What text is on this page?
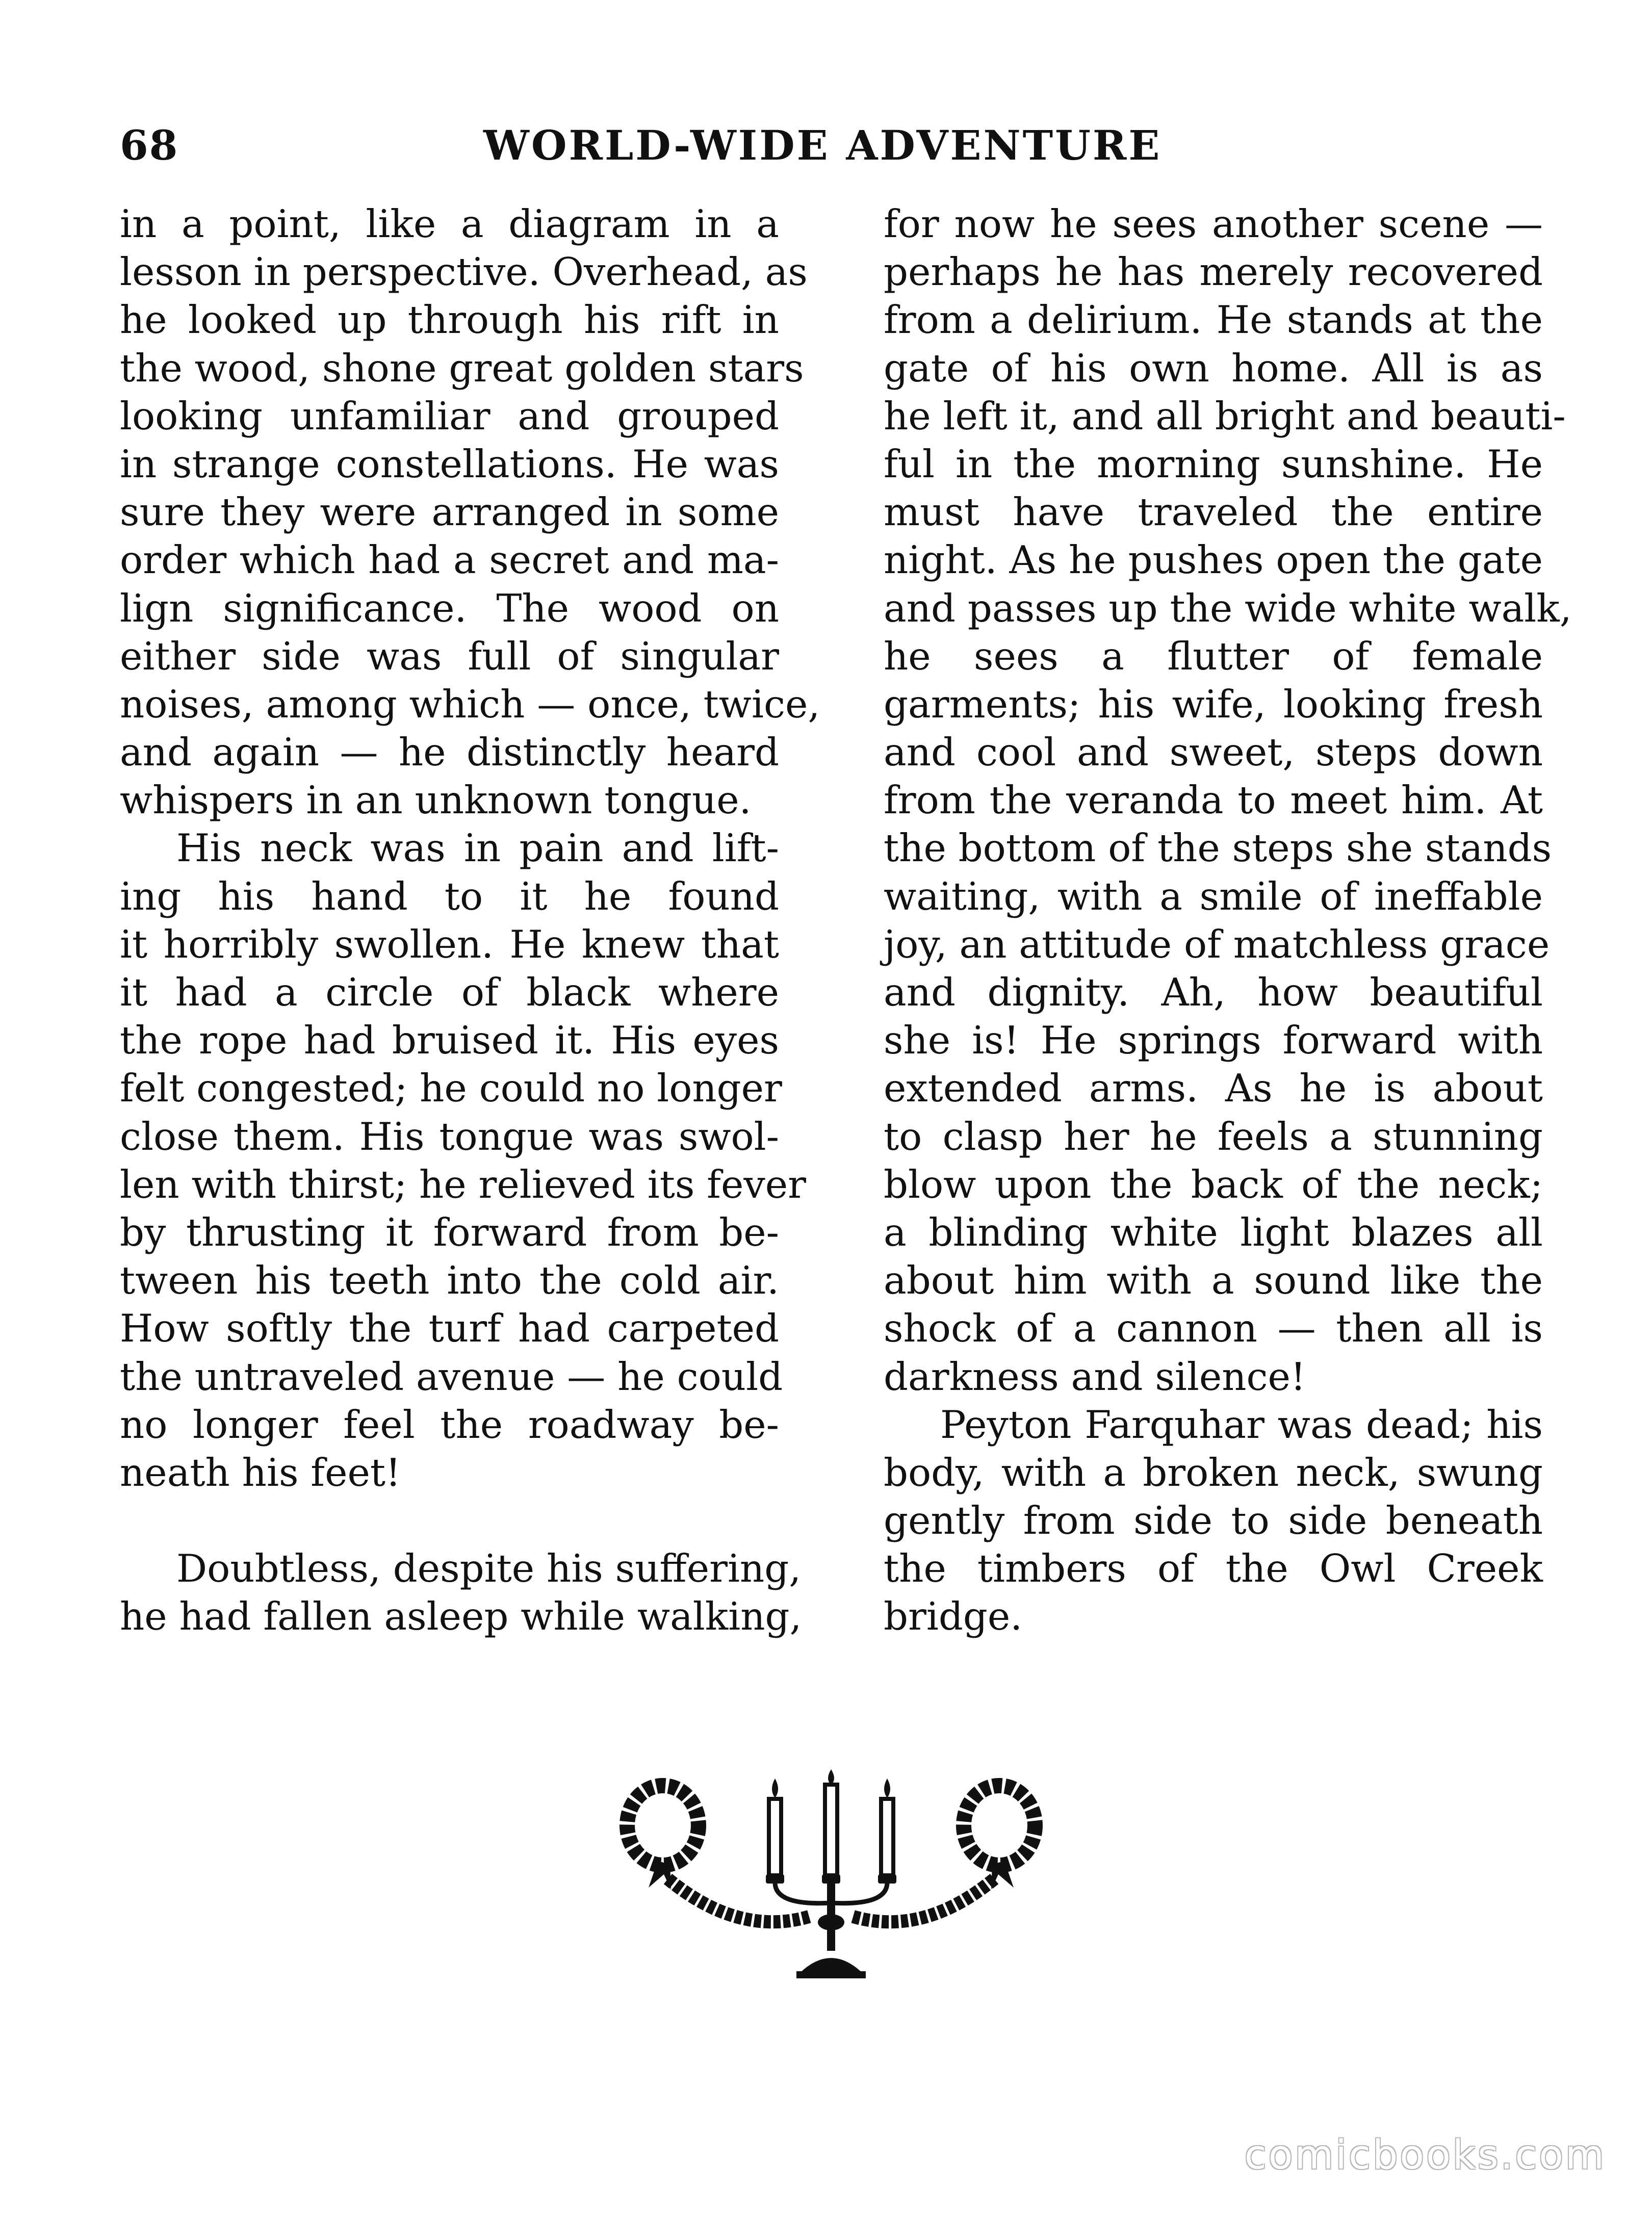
68	WORLD-WIDE ADVENTURE
in a point, like a diagram in a
lesson in perspective. Overhead, as
he looked up through his rift in
the wood, shone great golden stars
looking unfamiliar and grouped
in strange constellations. He was
sure they were arranged in some
order which had a secret and ma-
lign significance. The wood on
either side was full of singular
noises, among which — once, twice,
and again — he distinctly heard
whispers in an unknown tongue.
His neck was in pain and lift-
ing his hand to it he found
it horribly swollen. He knew that
it had a circle of black where
the rope had bruised it. His eyes
felt congested; he could no longer
close them. His tongue was swol-
len with thirst; he relieved its fever
by thrusting it forward from be-
tween his teeth into the cold air.
How softly the turf had carpeted
the untraveled avenue — he could
no longer feel the roadway be-
neath his feet!
Doubtless, despite his suffering,
he had fallen asleep while walking,
for now he sees another scene —
perhaps he has merely recovered
from a delirium. He stands at the
gate of his own home. All is as
he left it, and all bright and beauti-
ful in the morning sunshine. He
must have traveled the entire
night. As he pushes open the gate
and passes up the wide white walk,
he sees a flutter of female
garments; his wife, looking fresh
and cool and sweet, steps down
from the veranda to meet him. At
the bottom of the steps she stands
waiting, with a smile of ineffable
joy, an attitude of matchless grace
and dignity. Ah, how beautiful
she is! He springs forward with
extended arms. As he is about
to clasp her he feels a stunning
blow upon the back of the neck;
a blinding white light blazes all
about him with a sound like the
shock of a cannon — then all is
darkness and silence!
Peyton Farquhar was dead; his
body, with a broken neck, swung
gently from side to side beneath
the timbers of the Owl Creek
bridge.
comicbooks.com
